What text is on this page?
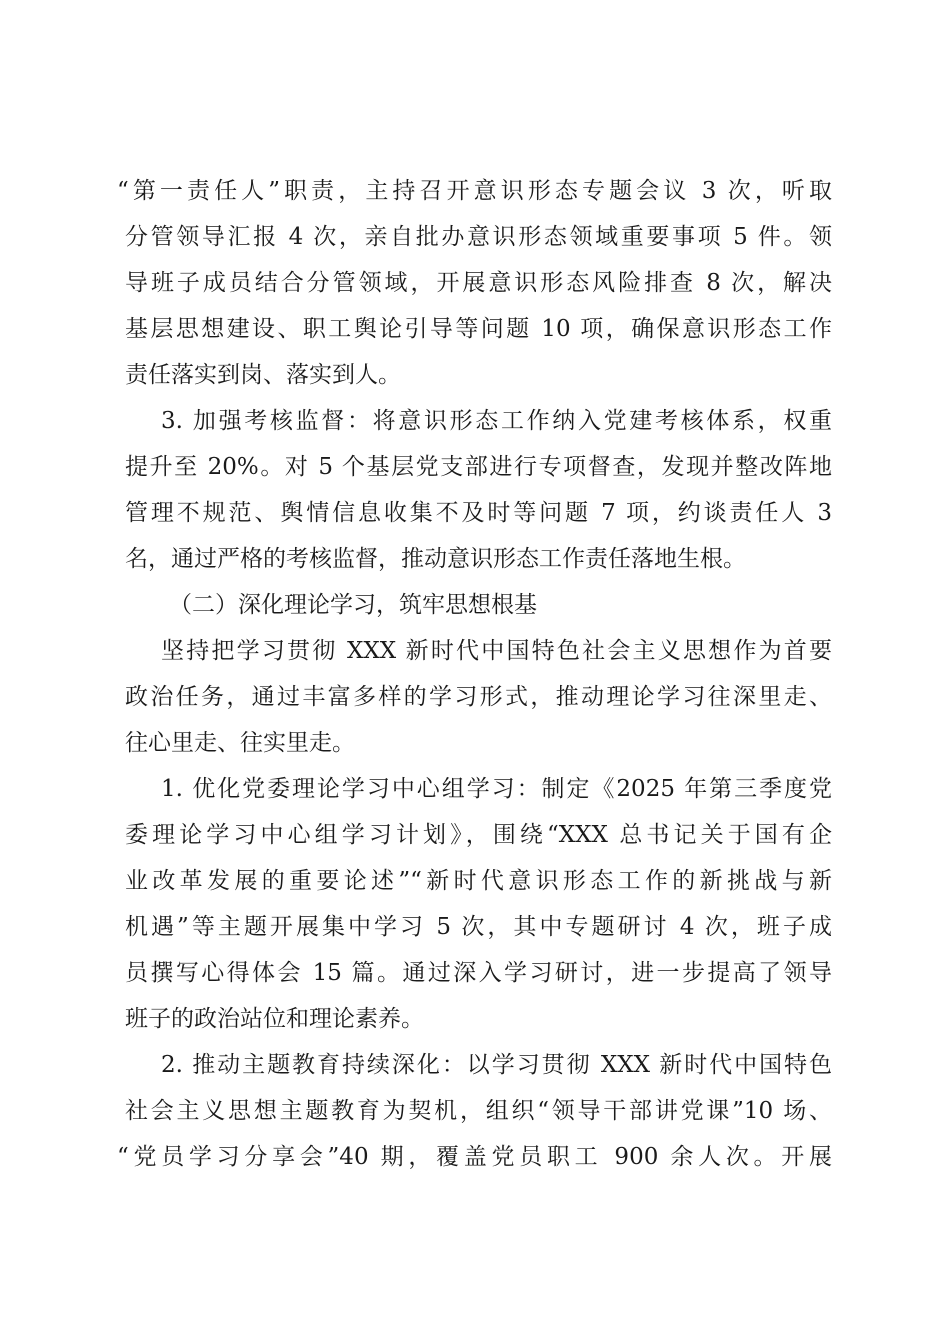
“第一责任人”职责，主持召开意识形态专题会议 3 次，听取
分管领导汇报 4 次，亲自批办意识形态领域重要事项 5 件。领
导班子成员结合分管领域，开展意识形态风险排查 8 次，解决
基层思想建设、职工舆论引导等问题 10 项，确保意识形态工作
责任落实到岗、落实到人。
3. 加强考核监督：将意识形态工作纳入党建考核体系，权重
提升至 20%。对 5 个基层党支部进行专项督查，发现并整改阵地
管理不规范、舆情信息收集不及时等问题 7 项，约谈责任人 3
名，通过严格的考核监督，推动意识形态工作责任落地生根。
（二）深化理论学习，筑牢思想根基
坚持把学习贯彻 XXX 新时代中国特色社会主义思想作为首要
政治任务，通过丰富多样的学习形式，推动理论学习往深里走、
往心里走、往实里走。
1. 优化党委理论学习中心组学习：制定《2025 年第三季度党
委理论学习中心组学习计划》，围绕“XXX 总书记关于国有企
业改革发展的重要论述”“新时代意识形态工作的新挑战与新
机遇”等主题开展集中学习 5 次，其中专题研讨 4 次，班子成
员撰写心得体会 15 篇。通过深入学习研讨，进一步提高了领导
班子的政治站位和理论素养。
2. 推动主题教育持续深化：以学习贯彻 XXX 新时代中国特色
社会主义思想主题教育为契机，组织“领导干部讲党课”10 场、
“党员学习分享会”40 期，覆盖党员职工 900 余人次。开展
